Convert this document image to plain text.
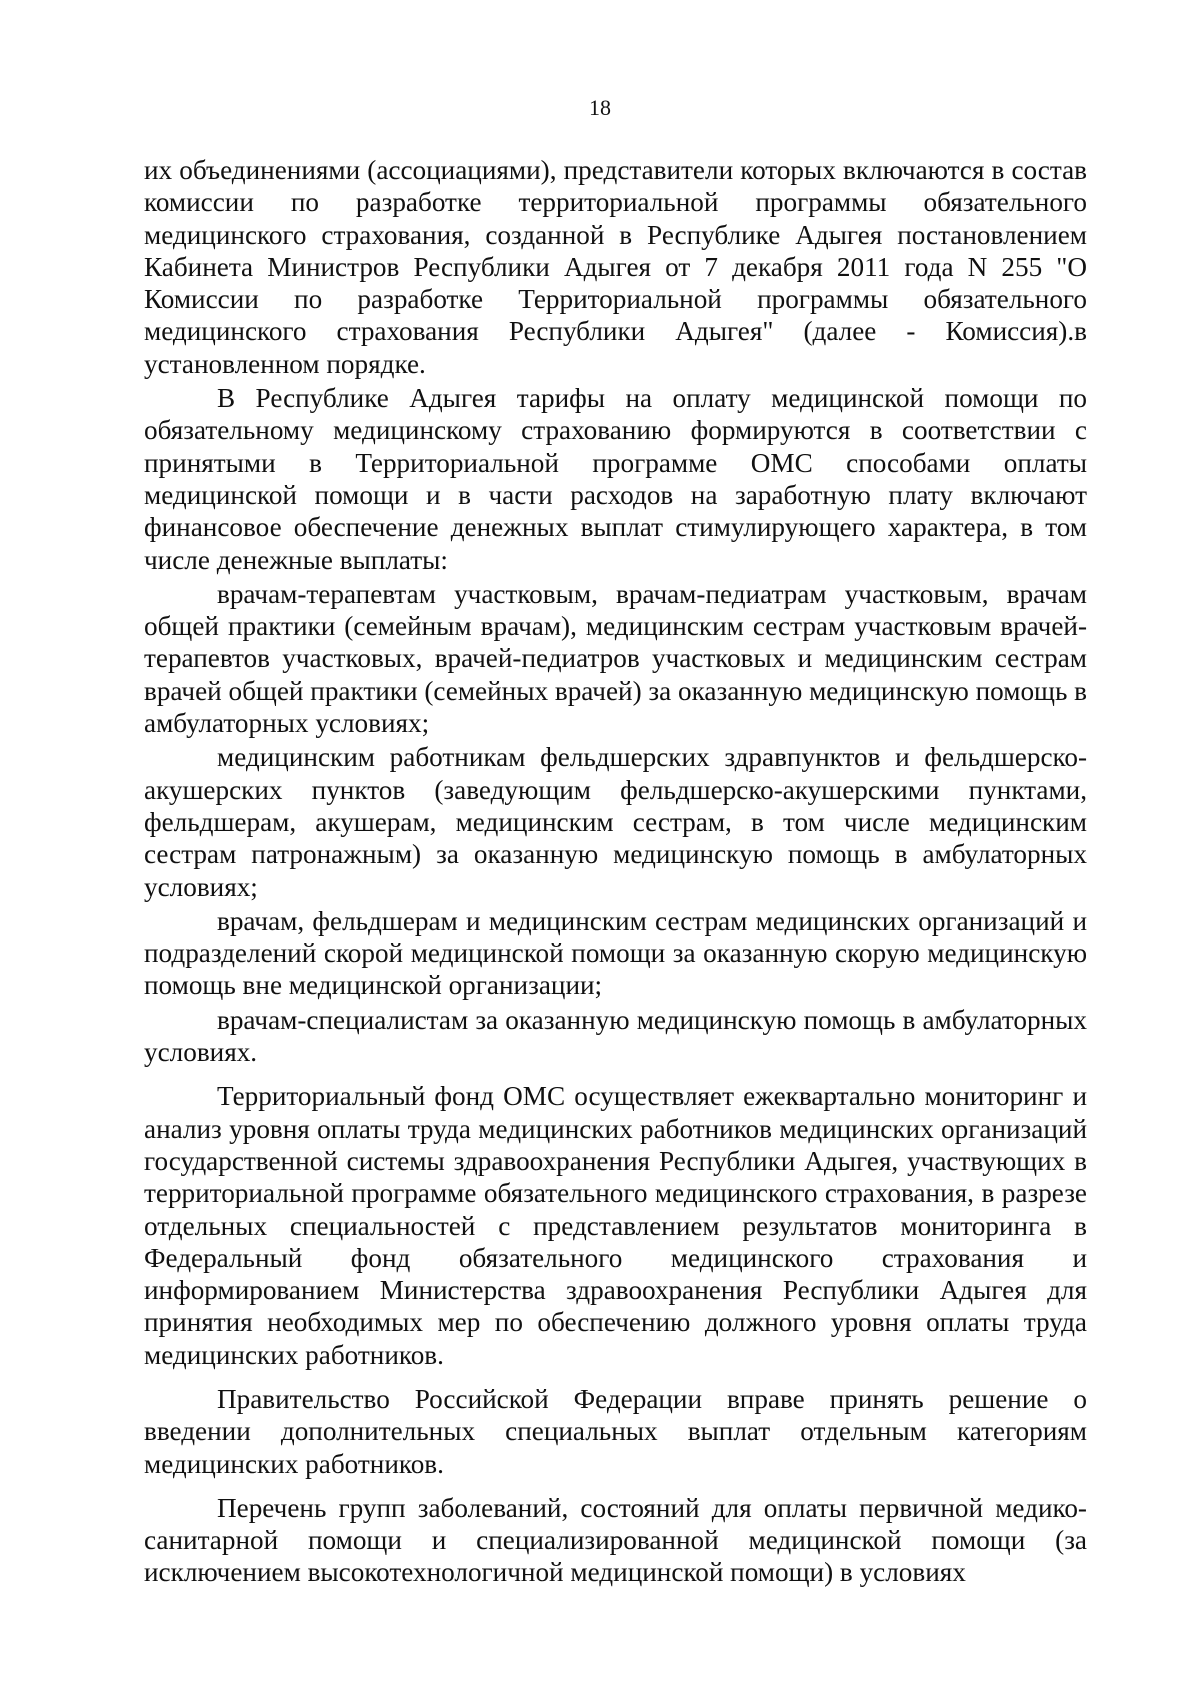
18

их объединениями (ассоциациями), представители которых включаются в состав комиссии по разработке территориальной программы обязательного медицинского страхования, созданной в Республике Адыгея постановлением Кабинета Министров Республики Адыгея от 7 декабря 2011 года N 255 "О Комиссии по разработке Территориальной программы обязательного медицинского страхования Республики Адыгея" (далее - Комиссия).в установленном порядке.

В Республике Адыгея тарифы на оплату медицинской помощи по обязательному медицинскому страхованию формируются в соответствии с принятыми в Территориальной программе ОМС способами оплаты медицинской помощи и в части расходов на заработную плату включают финансовое обеспечение денежных выплат стимулирующего характера, в том числе денежные выплаты:

врачам-терапевтам участковым, врачам-педиатрам участковым, врачам общей практики (семейным врачам), медицинским сестрам участковым врачей-терапевтов участковых, врачей-педиатров участковых и медицинским сестрам врачей общей практики (семейных врачей) за оказанную медицинскую помощь в амбулаторных условиях;

медицинским работникам фельдшерских здравпунктов и фельдшерско-акушерских пунктов (заведующим фельдшерско-акушерскими пунктами, фельдшерам, акушерам, медицинским сестрам, в том числе медицинским сестрам патронажным) за оказанную медицинскую помощь в амбулаторных условиях;

врачам, фельдшерам и медицинским сестрам медицинских организаций и подразделений скорой медицинской помощи за оказанную скорую медицинскую помощь вне медицинской организации;

врачам-специалистам за оказанную медицинскую помощь в амбулаторных условиях.

Территориальный фонд ОМС осуществляет ежеквартально мониторинг и анализ уровня оплаты труда медицинских работников медицинских организаций государственной системы здравоохранения Республики Адыгея, участвующих в территориальной программе обязательного медицинского страхования, в разрезе отдельных специальностей с представлением результатов мониторинга в Федеральный фонд обязательного медицинского страхования и информированием Министерства здравоохранения Республики Адыгея для принятия необходимых мер по обеспечению должного уровня оплаты труда медицинских работников.

Правительство Российской Федерации вправе принять решение о введении дополнительных специальных выплат отдельным категориям медицинских работников.

Перечень групп заболеваний, состояний для оплаты первичной медико-санитарной помощи и специализированной медицинской помощи (за исключением высокотехнологичной медицинской помощи) в условиях
